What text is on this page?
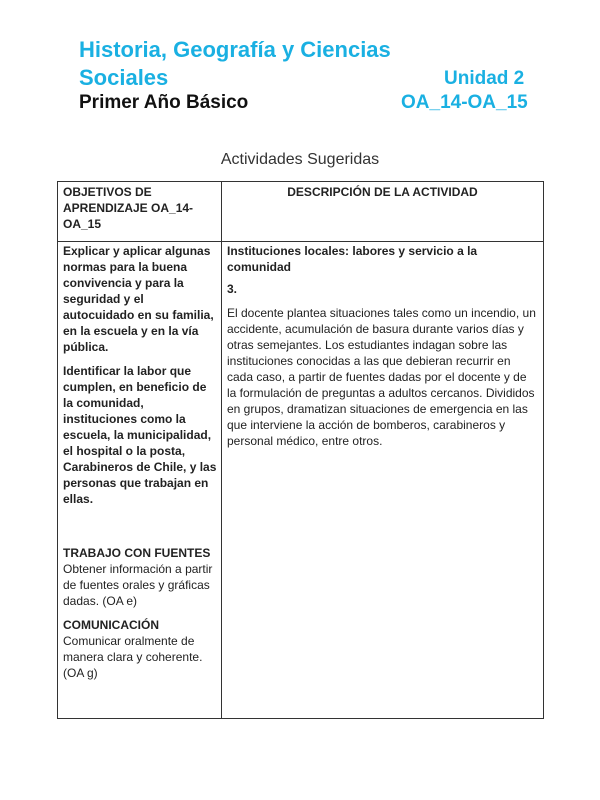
Historia, Geografía y Ciencias
Sociales	Unidad 2
Primer Año Básico	OA_14-OA_15
Actividades Sugeridas
OBJETIVOS DE APRENDIZAJE OA_14-OA_15
DESCRIPCIÓN DE LA ACTIVIDAD

Explicar y aplicar algunas normas para la buena convivencia y para la seguridad y el autocuidado en su familia, en la escuela y en la vía pública.

Identificar la labor que cumplen, en beneficio de la comunidad, instituciones como la escuela, la municipalidad, el hospital o la posta, Carabineros de Chile, y las personas que trabajan en ellas.

TRABAJO CON FUENTES

Obtener información a partir de fuentes orales y gráficas dadas. (OA e)

COMUNICACIÓN

Comunicar oralmente de manera clara y coherente. (OA g)

Instituciones locales: labores y servicio a la comunidad

3.

El docente plantea situaciones tales como un incendio, un accidente, acumulación de basura durante varios días y otras semejantes. Los estudiantes indagan sobre las instituciones conocidas a las que debieran recurrir en cada caso, a partir de fuentes dadas por el docente y de la formulación de preguntas a adultos cercanos. Divididos en grupos, dramatizan situaciones de emergencia en las que interviene la acción de bomberos, carabineros y personal médico, entre otros.
